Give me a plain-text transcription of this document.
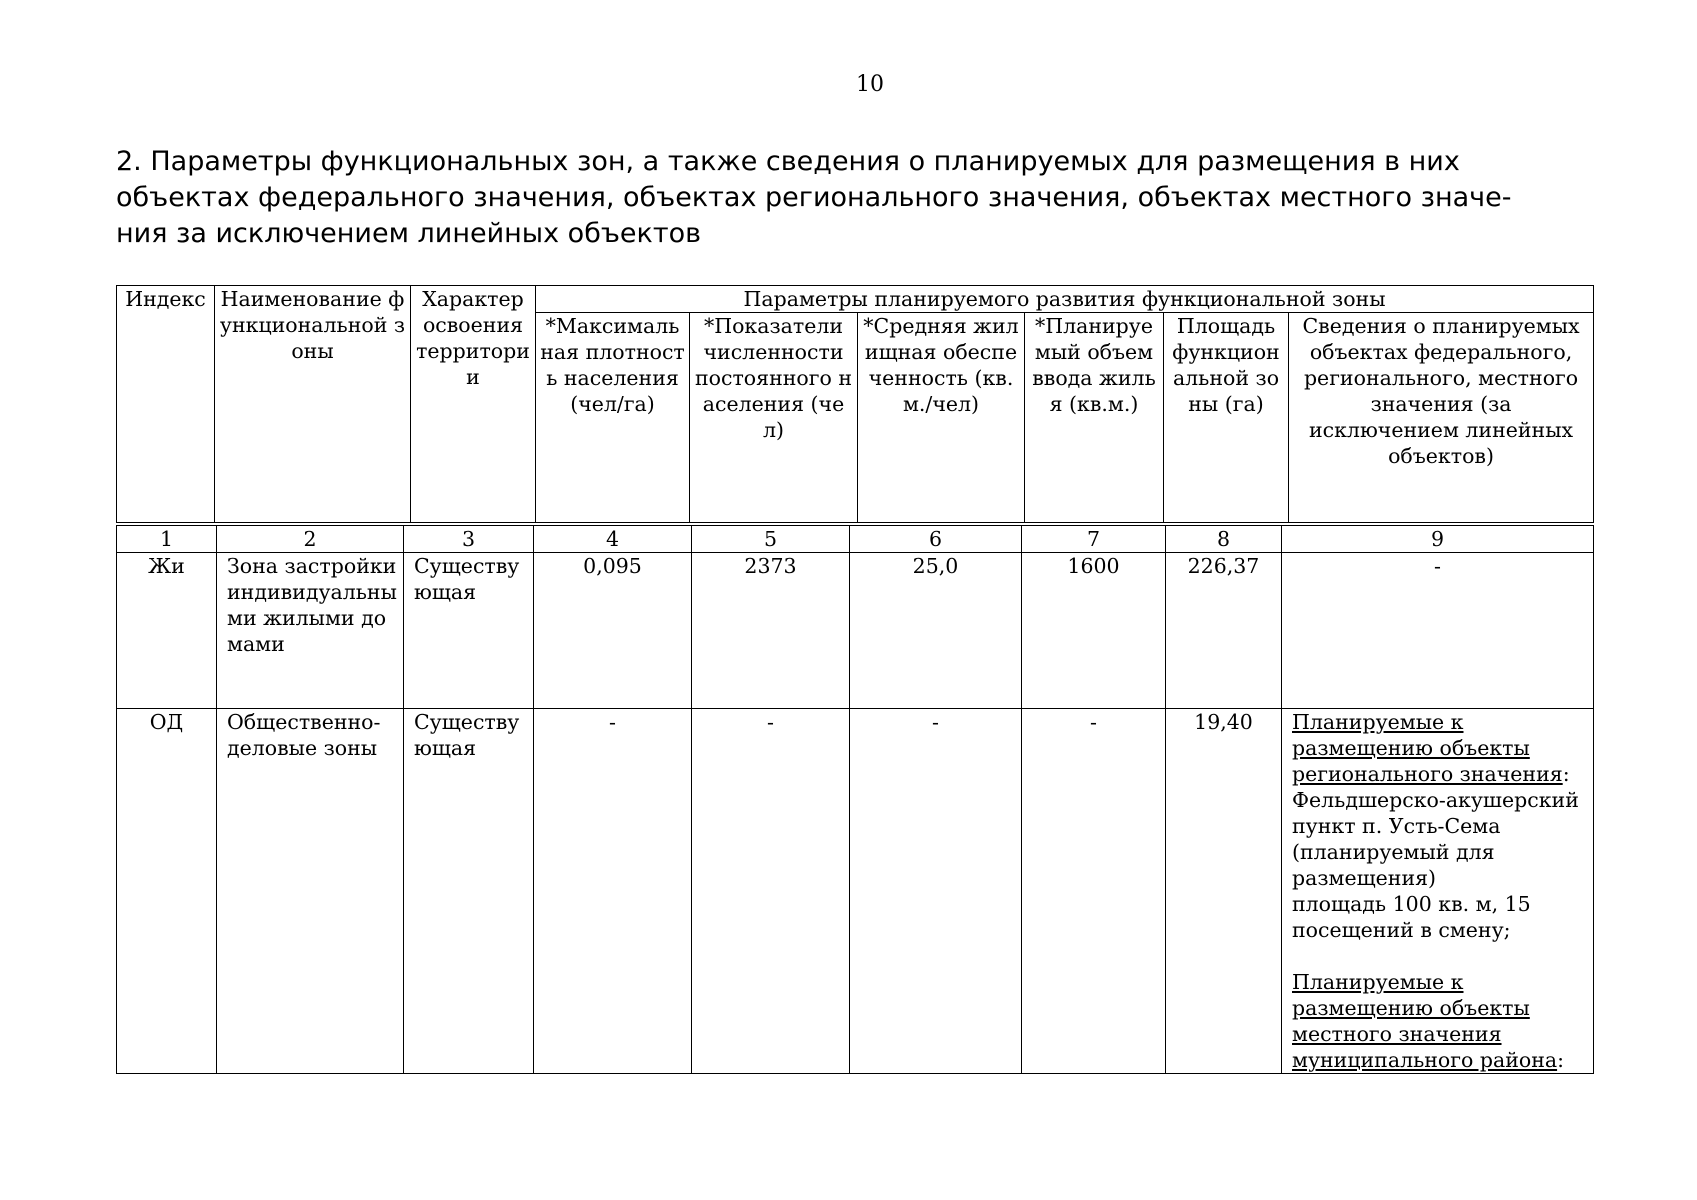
10

2. Параметры функциональных зон, а также сведения о планируемых для размещения в них

объектах федерального значения, объектах регионального значения, объектах местного значе-

ния за исключением линейных объектов

Индекс	Наименование функциональной зоны	Характер освоения территории	Параметры планируемого развития функциональной зоны					
			*Максимальная плотность населения (чел/га)	*Показатели численности постоянного населения (чел)	*Средняя жилищная обеспеченность (кв.м./чел)	*Планируемый объем ввода жилья (кв.м.)	Площадь функциональной зоны (га)	Сведения о планируемых объектах федерального, регионального, местного значения (за исключением линейных объектов)
1	2	3	4	5	6	7	8	9
Жи	Зона застройки индивидуальными жилыми домами	Существующая	0,095	2373	25,0	1600	226,37	-
ОД	Общественно-деловые зоны	Существующая	-	-	-	-	19,40	Планируемые к размещению объекты регионального значения:
Фельдшерско-акушерский пункт п. Усть-Сема (планируемый для размещения)
площадь 100 кв. м, 15 посещений в смену;
Планируемые к размещению объекты местного значения муниципального района:
